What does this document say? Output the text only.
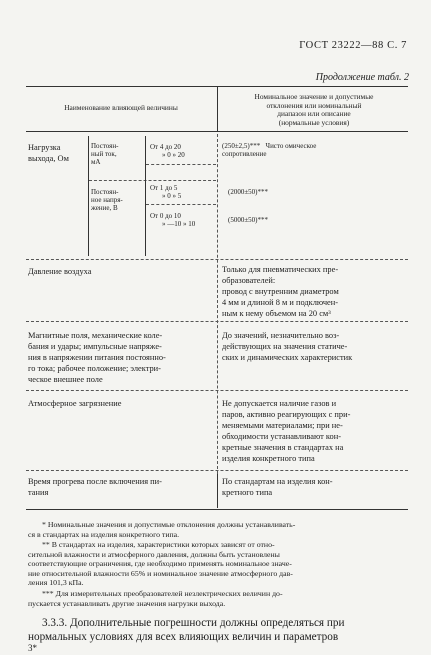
ГОСТ 23222—88 С. 7
Продолжение табл. 2
Наименование влияющей величины
Номинальное значение и допустимые
отклонения или номинальный
диапазон или описание
(нормальные условия)
Нагрузка
выхода, Ом
Постоян-
ный ток,
мА
Постоян-
ное напря-
жение, В
От 4 до 20
» 0 » 20
От 1 до 5
» 0 » 5
От 0 до 10
» —10 » 10
(250±2,5)*** Чисто омическое
сопротивление
(2000±50)***
(5000±50)***
Давление воздуха	Только для пневматических пре-
образователей:
провод с внутренним диаметром
4 мм и длиной 8 м и подключен-
ным к нему объемом на 20 см³
Магнитные поля, механические коле-
бания и удары; импульсные напряже-
ния в напряжении питания постоянно-
го тока; рабочее положение; электри-
ческое внешнее поле
До значений, незначительно воз-
действующих на значения статиче-
ских и динамических характеристик
Атмосферное загрязнение	Не допускается наличие газов и
паров, активно реагирующих с при-
меняемыми материалами; при не-
обходимости устанавливают кон-
кретные значения в стандартах на
изделия конкретного типа
Время прогрева после включения пи-
тания
По стандартам на изделия кон-
кретного типа
* Номинальные значения и допустимые отклонения должны устанавливать-
ся в стандартах на изделия конкретного типа.
** В стандартах на изделия, характеристики которых зависят от отно-
сительной влажности и атмосферного давления, должны быть установлены
соответствующие ограничения, где необходимо применять номинальное значе-
ние относительной влажности 65% и номинальное значение атмосферного дав-
ления 101,3 кПа.
*** Для измерительных преобразователей незлектрических величин до-
пускается устанавливать другие значения нагрузки выхода.
3.3.3. Дополнительные погрешности должны определяться при
нормальных условиях для всех влияющих величин и параметров
3*
